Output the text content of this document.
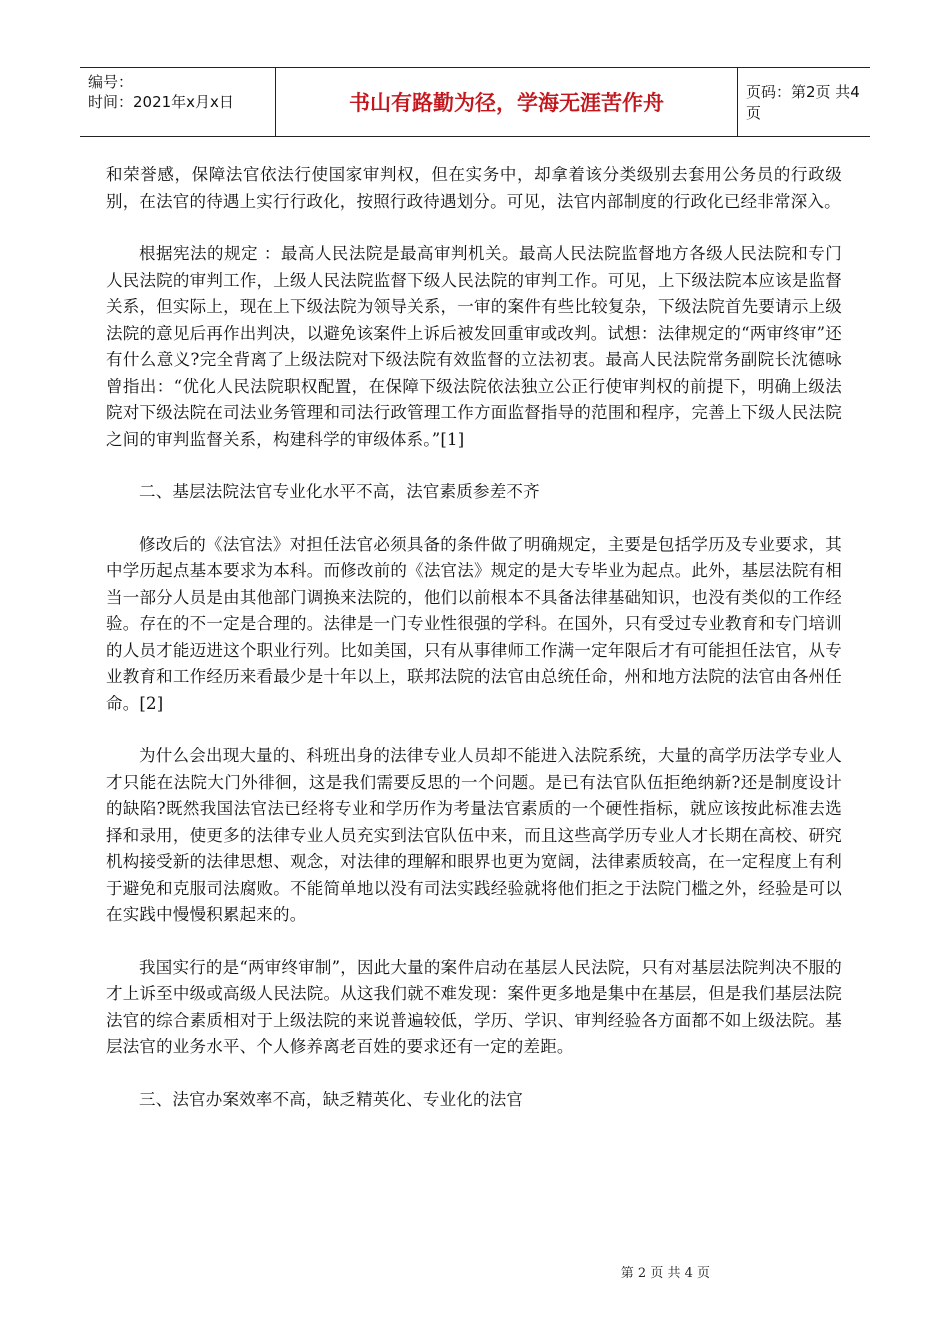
编号：
时间：2021年x月x日	书山有路勤为径，学海无涯苦作舟	页码：第2页 共4页

和荣誉感，保障法官依法行使国家审判权，但在实务中，却拿着该分类级别去套用公务员的行政级别，在法官的待遇上实行行政化，按照行政待遇划分。可见，法官内部制度的行政化已经非常深入。

根据宪法的规定 ：最高人民法院是最高审判机关。最高人民法院监督地方各级人民法院和专门人民法院的审判工作，上级人民法院监督下级人民法院的审判工作。可见，上下级法院本应该是监督关系，但实际上，现在上下级法院为领导关系，一审的案件有些比较复杂，下级法院首先要请示上级法院的意见后再作出判决，以避免该案件上诉后被发回重审或改判。试想：法律规定的“两审终审”还有什么意义?完全背离了上级法院对下级法院有效监督的立法初衷。最高人民法院常务副院长沈德咏曾指出：“优化人民法院职权配置，在保障下级法院依法独立公正行使审判权的前提下，明确上级法院对下级法院在司法业务管理和司法行政管理工作方面监督指导的范围和程序，完善上下级人民法院之间的审判监督关系，构建科学的审级体系。”[1]

二、基层法院法官专业化水平不高，法官素质参差不齐

修改后的《法官法》对担任法官必须具备的条件做了明确规定，主要是包括学历及专业要求，其中学历起点基本要求为本科。而修改前的《法官法》规定的是大专毕业为起点。此外，基层法院有相当一部分人员是由其他部门调换来法院的，他们以前根本不具备法律基础知识，也没有类似的工作经验。存在的不一定是合理的。法律是一门专业性很强的学科。在国外，只有受过专业教育和专门培训的人员才能迈进这个职业行列。比如美国，只有从事律师工作满一定年限后才有可能担任法官，从专业教育和工作经历来看最少是十年以上，联邦法院的法官由总统任命，州和地方法院的法官由各州任命。[2]

为什么会出现大量的、科班出身的法律专业人员却不能进入法院系统，大量的高学历法学专业人才只能在法院大门外徘徊，这是我们需要反思的一个问题。是已有法官队伍拒绝纳新?还是制度设计的缺陷?既然我国法官法已经将专业和学历作为考量法官素质的一个硬性指标，就应该按此标准去选择和录用，使更多的法律专业人员充实到法官队伍中来，而且这些高学历专业人才长期在高校、研究机构接受新的法律思想、观念，对法律的理解和眼界也更为宽阔，法律素质较高，在一定程度上有利于避免和克服司法腐败。不能简单地以没有司法实践经验就将他们拒之于法院门槛之外，经验是可以在实践中慢慢积累起来的。

我国实行的是“两审终审制”，因此大量的案件启动在基层人民法院，只有对基层法院判决不服的才上诉至中级或高级人民法院。从这我们就不难发现：案件更多地是集中在基层，但是我们基层法院法官的综合素质相对于上级法院的来说普遍较低，学历、学识、审判经验各方面都不如上级法院。基层法官的业务水平、个人修养离老百姓的要求还有一定的差距。

三、法官办案效率不高，缺乏精英化、专业化的法官

第 2 页 共 4 页
